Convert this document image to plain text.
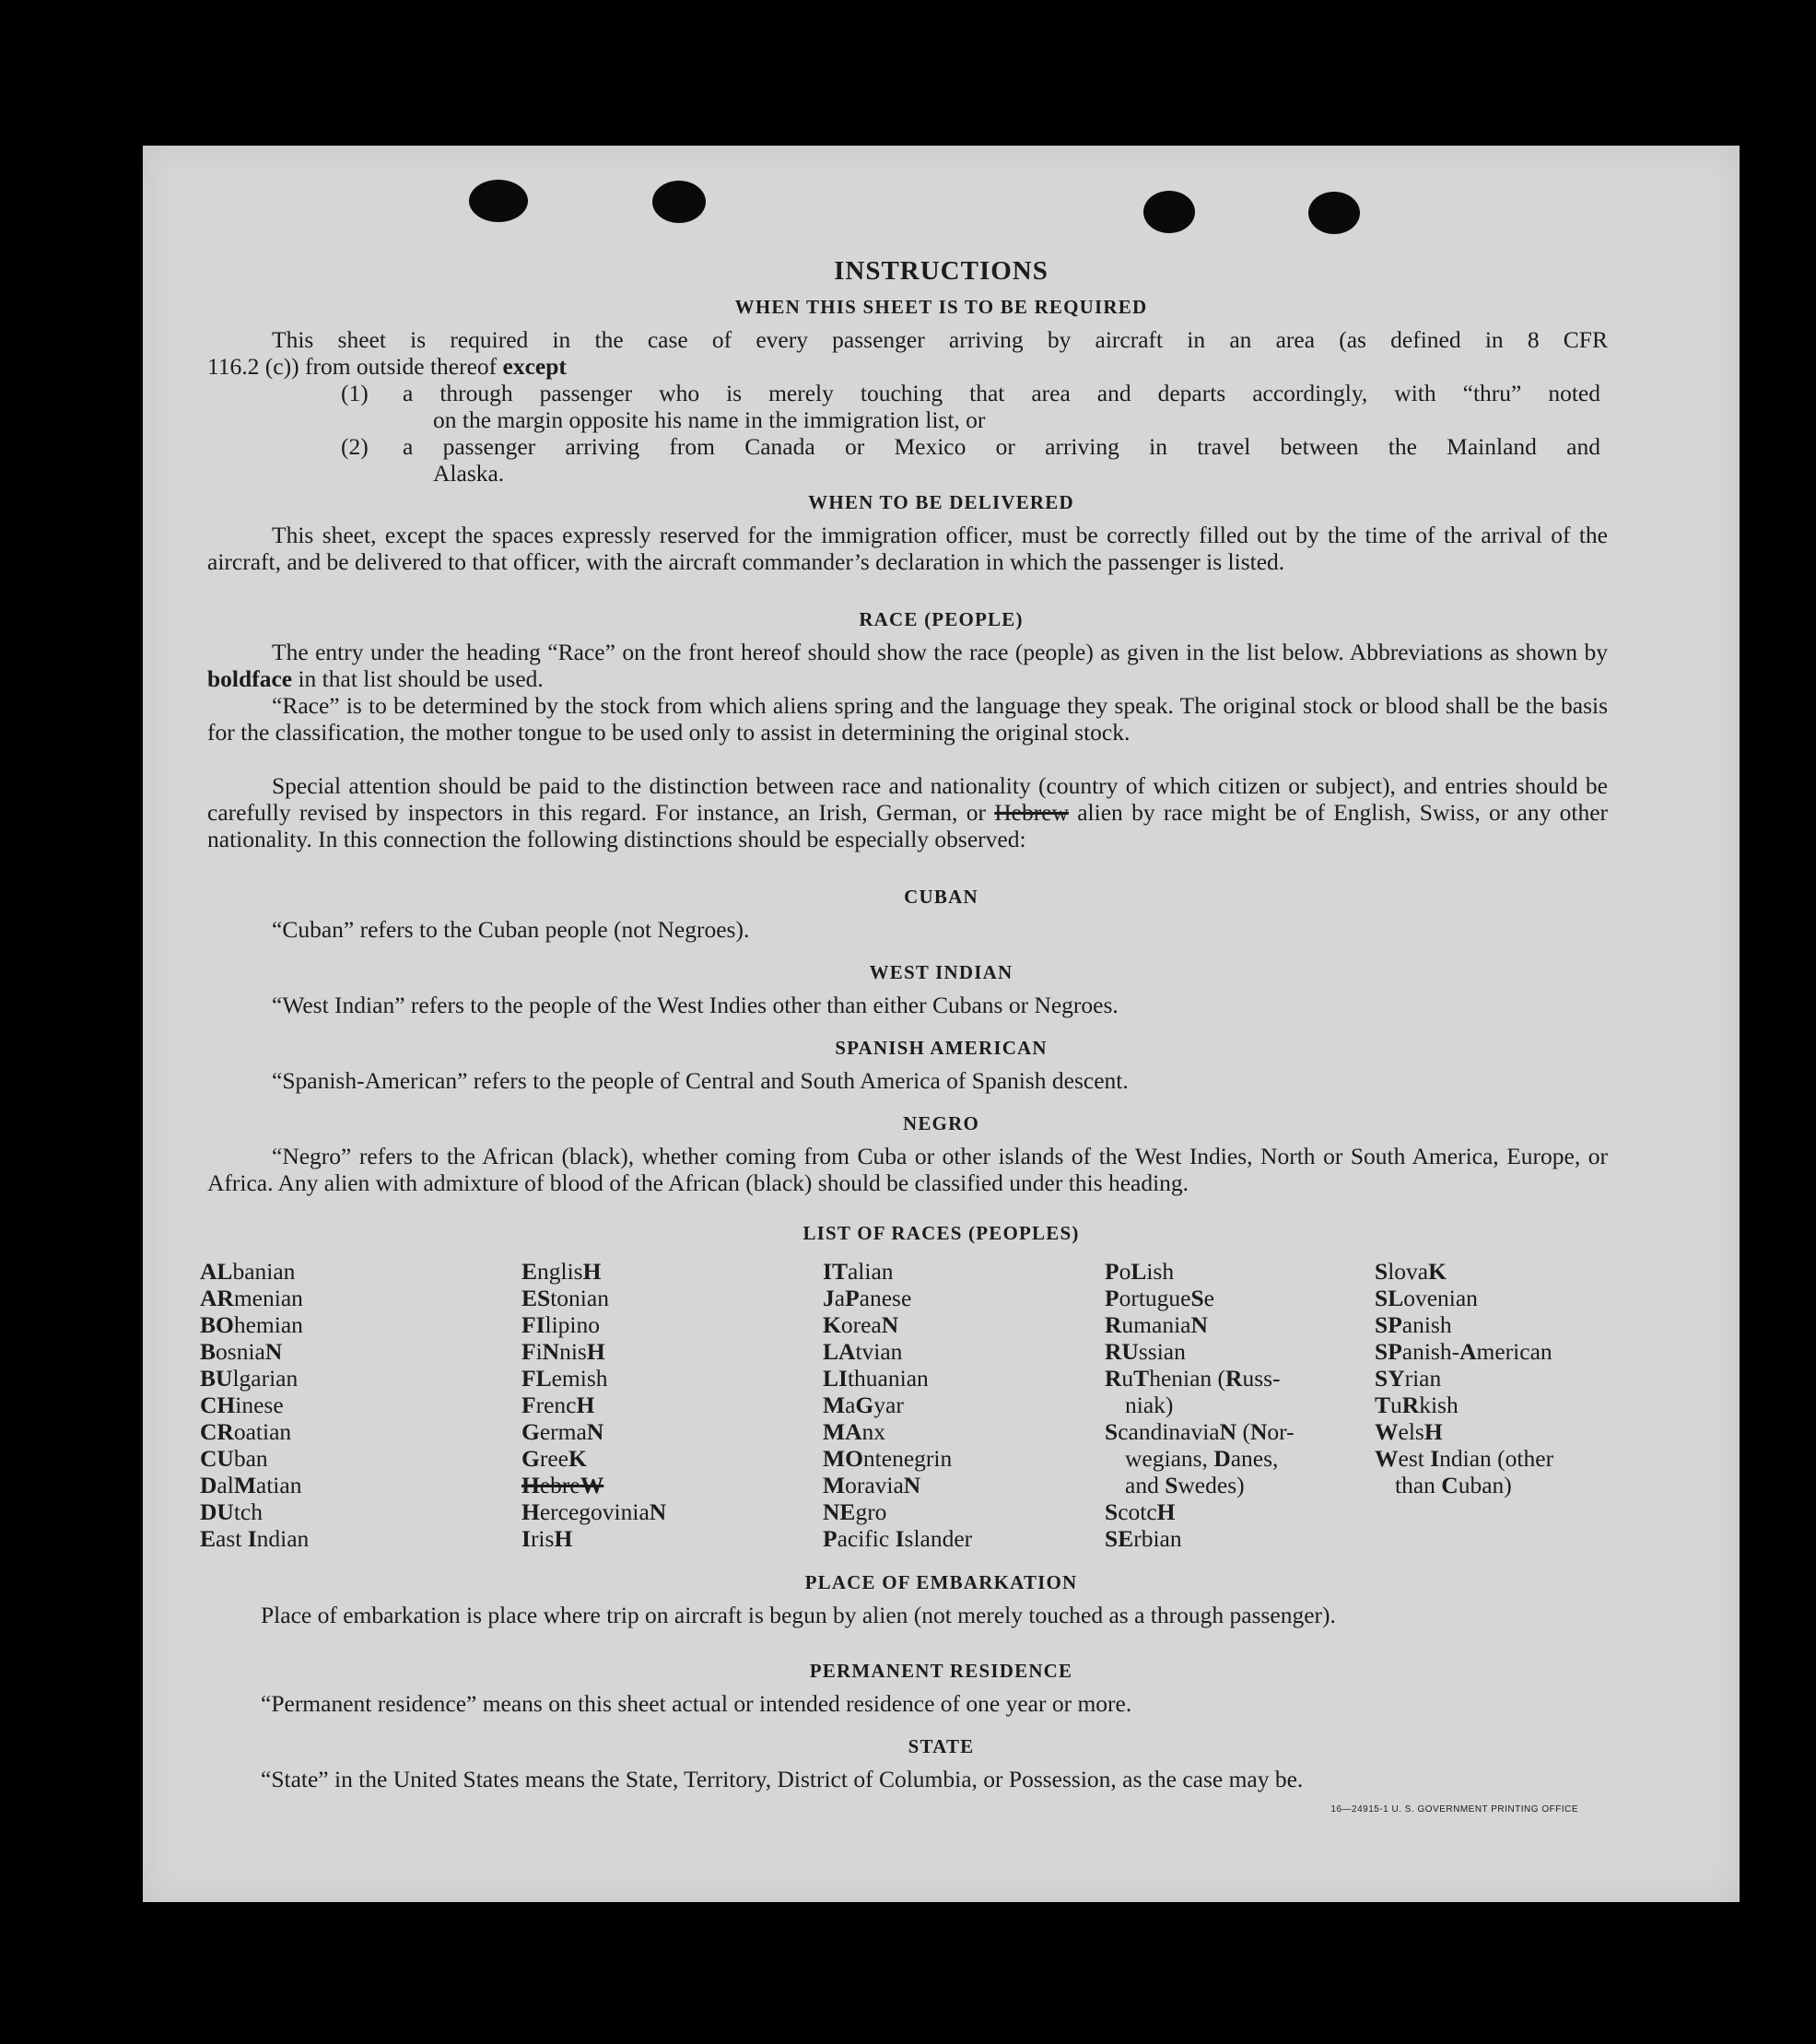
INSTRUCTIONS
WHEN THIS SHEET IS TO BE REQUIRED
This sheet is required in the case of every passenger arriving by aircraft in an area (as defined in 8 CFR
116.2 (c)) from outside thereof except
(1) a through passenger who is merely touching that area and departs accordingly, with “thru” noted
on the margin opposite his name in the immigration list, or
(2) a passenger arriving from Canada or Mexico or arriving in travel between the Mainland and
Alaska.
WHEN TO BE DELIVERED
This sheet, except the spaces expressly reserved for the immigration officer, must be correctly filled out by the time of the arrival of the aircraft, and be delivered to that officer, with the aircraft commander’s declaration in which the passenger is listed.
RACE (PEOPLE)
The entry under the heading “Race” on the front hereof should show the race (people) as given in the list below. Abbreviations as shown by boldface in that list should be used.
“Race” is to be determined by the stock from which aliens spring and the language they speak. The original stock or blood shall be the basis for the classification, the mother tongue to be used only to assist in determining the original stock.
Special attention should be paid to the distinction between race and nationality (country of which citizen or subject), and entries should be carefully revised by inspectors in this regard. For instance, an Irish, German, or Hebrew alien by race might be of English, Swiss, or any other nationality. In this connection the following distinctions should be especially observed:
CUBAN
“Cuban” refers to the Cuban people (not Negroes).
WEST INDIAN
“West Indian” refers to the people of the West Indies other than either Cubans or Negroes.
SPANISH AMERICAN
“Spanish-American” refers to the people of Central and South America of Spanish descent.
NEGRO
“Negro” refers to the African (black), whether coming from Cuba or other islands of the West Indies, North or South America, Europe, or Africa. Any alien with admixture of blood of the African (black) should be classified under this heading.
LIST OF RACES (PEOPLES)
ALbanian
ARmenian
BOhemian
BosniaN
BUlgarian
CHinese
CRoatian
CUban
DalMatian
DUtch
East Indian
EnglisH
EStonian
FIlipino
FiNnisH
FLemish
FrencH
GermaN
GreeK
HebreW
HercegoviniaN
IrisH
ITalian
JaPanese
KoreaN
LAtvian
LIthuanian
MaGyar
MAnx
MOntenegrin
MoraviaN
NEgro
Pacific Islander
PoLish
PortugueSe
RumaniaN
RUssian
RuThenian (Russ-
niak)
ScandinaviaN (Nor-
wegians, Danes,
and Swedes)
ScotcH
SErbian
SlovaK
SLovenian
SPanish
SPanish-American
SYrian
TuRkish
WelsH
West Indian (other
than Cuban)
PLACE OF EMBARKATION
Place of embarkation is place where trip on aircraft is begun by alien (not merely touched as a through passenger).
PERMANENT RESIDENCE
“Permanent residence” means on this sheet actual or intended residence of one year or more.
STATE
“State” in the United States means the State, Territory, District of Columbia, or Possession, as the case may be.
16—24915-1 U. S. GOVERNMENT PRINTING OFFICE
